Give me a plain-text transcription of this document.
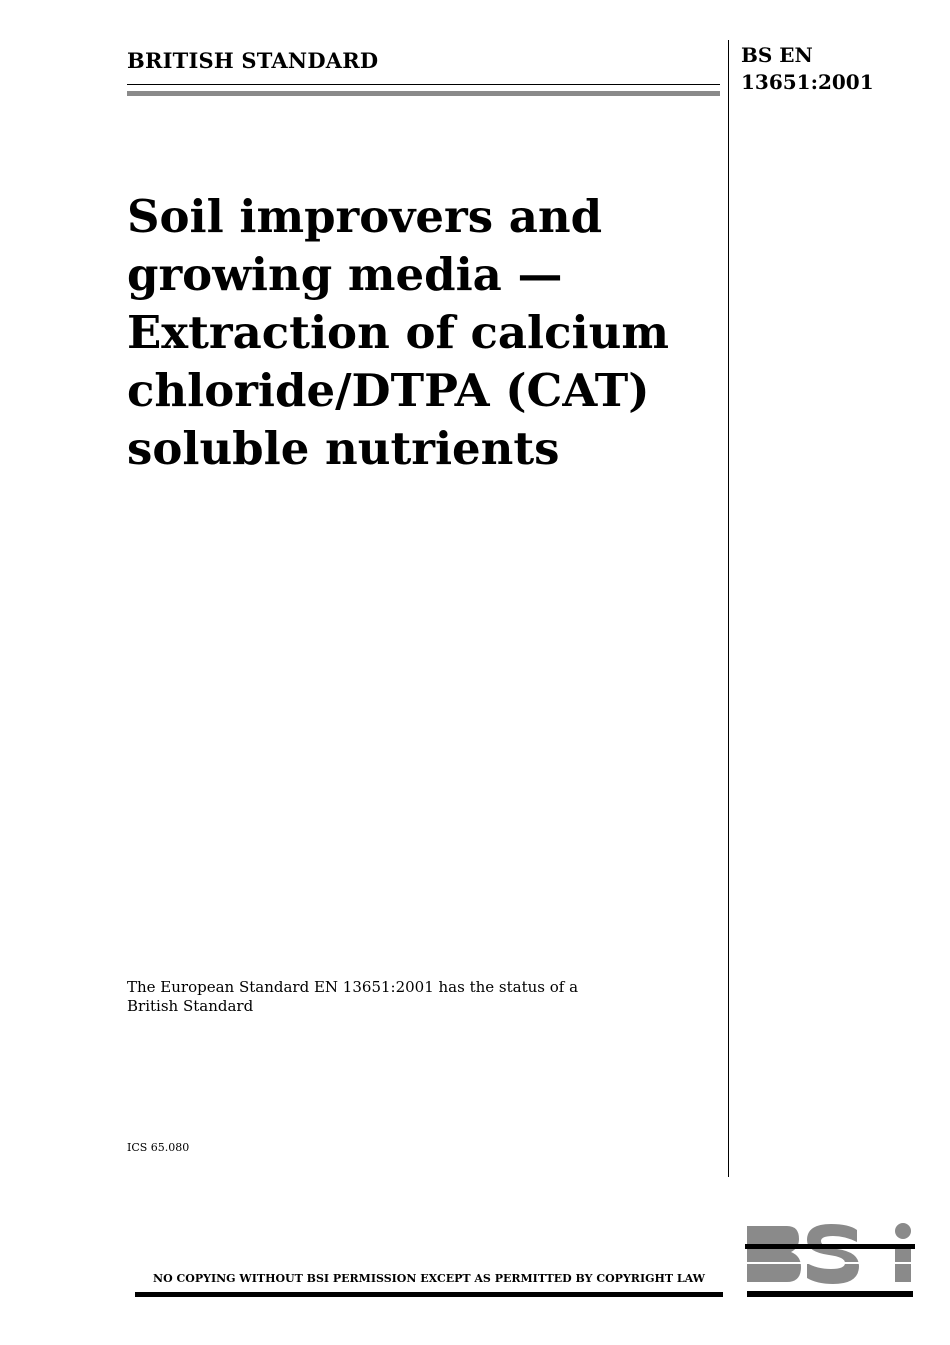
BRITISH STANDARD	BS EN
13651:2001
Soil improvers and
growing media —
Extraction of calcium
chloride/DTPA (CAT)
soluble nutrients
The European Standard EN 13651:2001 has the status of a
British Standard
ICS 65.080
NO COPYING WITHOUT BSI PERMISSION EXCEPT AS PERMITTED BY COPYRIGHT LAW
BSI
